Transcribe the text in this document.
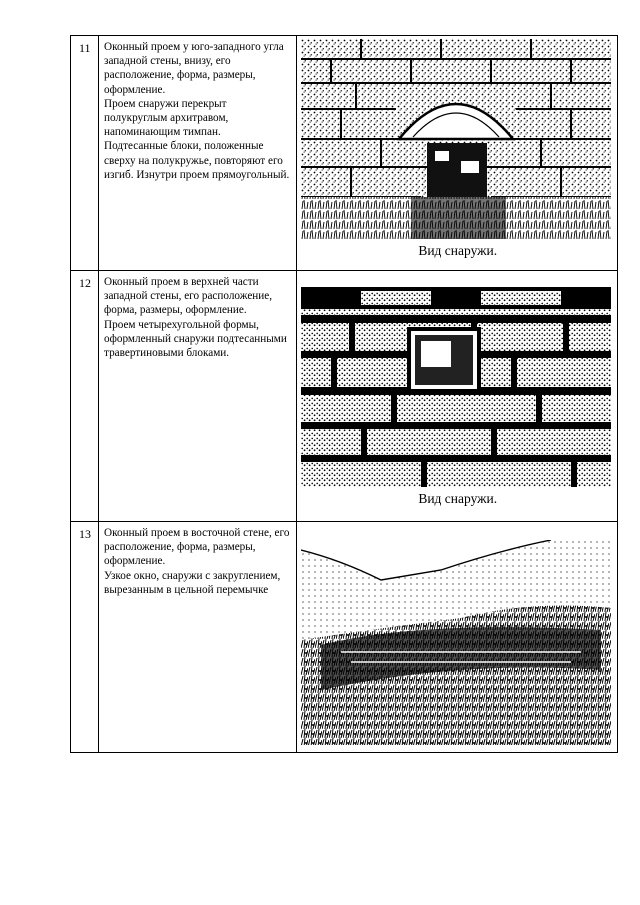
11	Оконный проем у юго-западного угла западной стены, внизу, его расположение, форма, размеры, оформление.

Проем снаружи перекрыт полукруглым архитравом, напоминающим тимпан.

Подтесанные блоки, положенные сверху на полукружье, повторяют его изгиб. Изнутри проем прямоугольный.	Вид снаружи.

12	Оконный проем в верхней части западной стены, его расположение, форма, размеры, оформление.

Проем четырехугольной формы, оформленный снаружи подтесанными травертиновыми блоками.	Вид снаружи.

13	Оконный проем в восточной стене, его расположение, форма, размеры, оформление.

Узкое окно, снаружи с закруглением, вырезанным в цельной перемычке
